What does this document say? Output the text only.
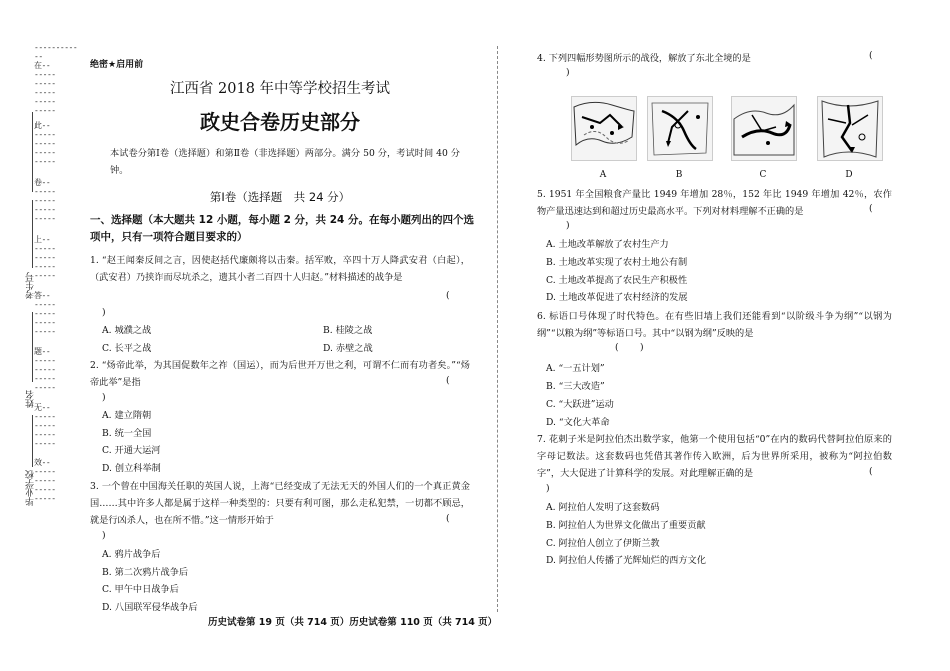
----------
--
在--
-----
-----
-----
-----
-----
此--
-----
-----
-----
-----
卷--
-----
-----
-----
-----
上--
-----
-----
-----
-----
答--
-----
-----
-----
-----
题--
-----
-----
-----
-----
无--
-----
-----
-----
-----
效--
-----
-----
-----
-----
考生号
姓名
毕业学校
绝密★启用前
江西省 2018 年中等学校招生考试
政史合卷历史部分
本试卷分第Ⅰ卷（选择题）和第Ⅱ卷（非选择题）两部分。满分 50 分，考试时间 40 分钟。
第Ⅰ卷（选择题　共 24 分）
一、选择题（本大题共 12 小题，每小题 2 分，共 24 分。在每小题列出的四个选项中，只有一项符合题目要求的）
1. “赵王闻秦反间之言，因使赵括代廉颇将以击秦。括军败，卒四十万人降武安君（白起），（武安君）乃挟诈而尽坑杀之，遗其小者二百四十人归赵。”材料描述的战争是
(
)
A. 城濮之战	B. 桂陵之战
C. 长平之战	D. 赤壁之战
2. “炀帝此举，为其国促数年之祚（国运），而为后世开万世之利，可谓不仁而有功者矣。”“炀帝此举”是指	(
)
A. 建立隋朝
B. 统一全国
C. 开通大运河
D. 创立科举制
3. 一个曾在中国海关任职的英国人说，上海“已经变成了无法无天的外国人们的一个真正黄金国……其中许多人都是属于这样一种类型的：只要有利可图，那么走私犯禁，一切都不顾忌，就是行凶杀人，也在所不惜。”这一情形开始于	(
)
A. 鸦片战争后
B. 第二次鸦片战争后
C. 甲午中日战争后
D. 八国联军侵华战争后
4. 下列四幅形势图所示的战役，解放了东北全境的是	(
)
A	B	C	D
5. 1951 年全国粮食产量比 1949 年增加 28％，152 年比 1949 年增加 42％，农作物产量迅速达到和超过历史最高水平。下列对材料理解不正确的是	(
)
A. 土地改革解放了农村生产力
B. 土地改革实现了农村土地公有制
C. 土地改革提高了农民生产积极性
D. 土地改革促进了农村经济的发展
6. 标语口号体现了时代特色。在有些旧墙上我们还能看到“以阶级斗争为纲”“以钢为纲”“以粮为纲”等标语口号。其中“以钢为纲”反映的是
( )
A. “一五计划”
B. “三大改造”
C. “大跃进”运动
D. “文化大革命
7. 花剌子米是阿拉伯杰出数学家，他第一个使用包括“0”在内的数码代替阿拉伯原来的字母记数法。这套数码也凭借其著作传入欧洲，后为世界所采用，被称为“阿拉伯数字”，大大促进了计算科学的发展。对此理解正确的是	(
)
A. 阿拉伯人发明了这套数码
B. 阿拉伯人为世界文化做出了重要贡献
C. 阿拉伯人创立了伊斯兰教
D. 阿拉伯人传播了光辉灿烂的西方文化
历史试卷第 19 页（共 714 页）历史试卷第 110 页（共 714 页）
